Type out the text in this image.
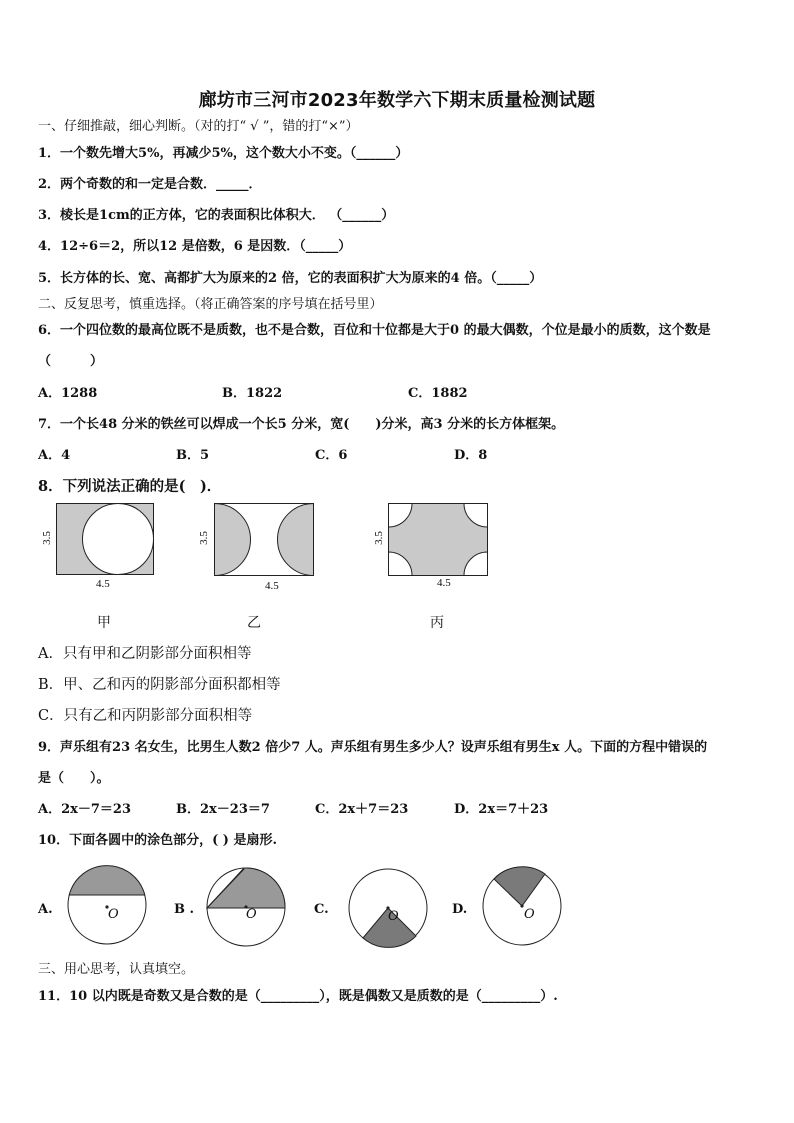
廊坊市三河市2023年数学六下期末质量检测试题
一、仔细推敲，细心判断。（对的打“ √ ”，错的打“×”）
1．一个数先增大5%，再减少5%，这个数大小不变。（______）
2．两个奇数的和一定是合数．_____．
3．棱长是1cm的正方体，它的表面积比体积大． （______）
4．12÷6＝2，所以12 是倍数，6 是因数．（_____）
5．长方体的长、宽、高都扩大为原来的2 倍，它的表面积扩大为原来的4 倍。（_____）
二、反复思考，慎重选择。（将正确答案的序号填在括号里）
6．一个四位数的最高位既不是质数，也不是合数，百位和十位都是大于0 的最大偶数，个位是最小的质数，这个数是
（　　　）
A．1288	B．1822	C．1882
7．一个长48 分米的铁丝可以焊成一个长5 分米，宽(　　)分米，高3 分米的长方体框架。
A．4	B．5	C．6	D．8
8．下列说法正确的是(　)．
3.5
4.5
甲
3.5
4.5
乙
3.5
4.5
丙
A．只有甲和乙阴影部分面积相等
B．甲、乙和丙的阴影部分面积都相等
C．只有乙和丙阴影部分面积相等
9．声乐组有23 名女生，比男生人数2 倍少7 人。声乐组有男生多少人？设声乐组有男生x 人。下面的方程中错误的
是（　　）。
A．2x－7＝23	B．2x－23＝7	C．2x＋7＝23	D．2x＝7＋23
10．下面各圆中的涂色部分，( ) 是扇形.
A.	O	B .	O	C.	O	D.	O
三、用心思考，认真填空。
11．10 以内既是奇数又是合数的是（_________），既是偶数又是质数的是（_________）.
